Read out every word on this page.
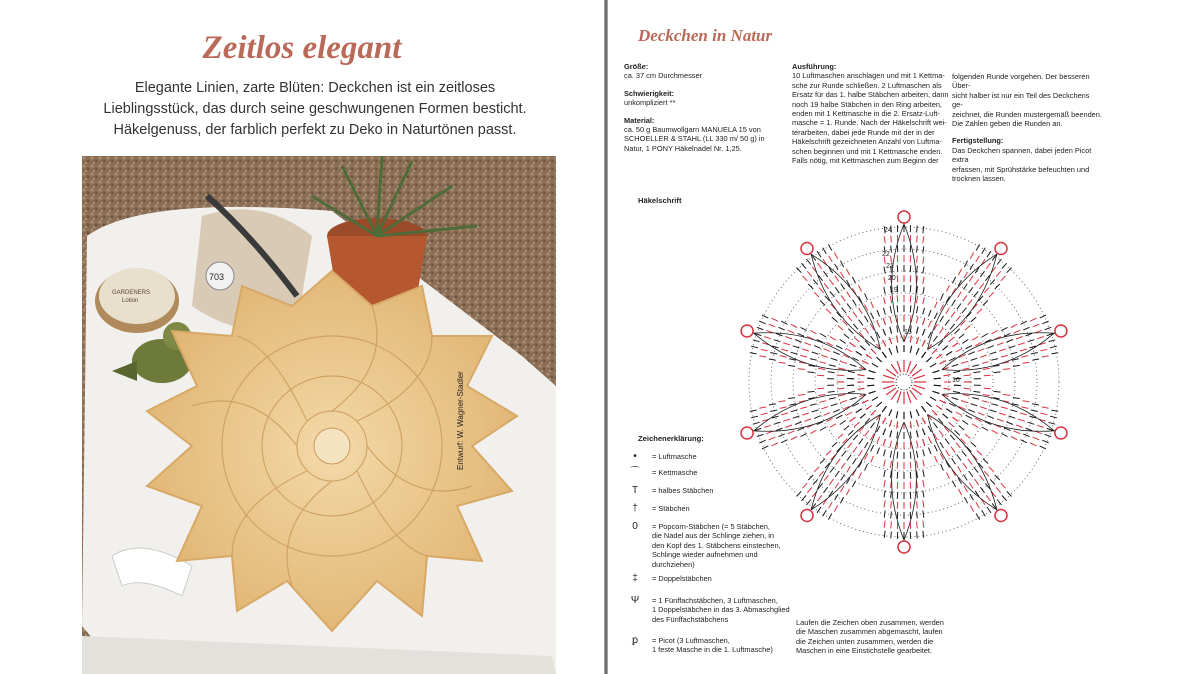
Zeitlos elegant
Elegante Linien, zarte Blüten: Deckchen ist ein zeitloses
Lieblingsstück, das durch seine geschwungenen Formen besticht.
Häkelgenuss, der farblich perfekt zu Deko in Naturtönen passt.
703
GARDENERS
Lotion
Entwurf: W. Wagner-Stadler
Deckchen in Natur
Größe:
ca. 37 cm Durchmesser
Schwierigkeit:
unkompliziert **
Material:
ca. 50 g Baumwollgarn MANUELA 15 von
SCHOELLER & STAHL (LL 330 m/ 50 g) in
Natur, 1 PONY Häkelnadel Nr. 1,25.
Ausführung:
10 Luftmaschen anschlagen und mit 1 Kettma-
sche zur Runde schließen. 2 Luftmaschen als
Ersatz für das 1. halbe Stäbchen arbeiten, dann
noch 19 halbe Stäbchen in den Ring arbeiten,
enden mit 1 Kettmasche in die 2. Ersatz-Luft-
masche = 1. Runde. Nach der Häkelschrift wei-
terarbeiten, dabei jede Runde mit der in der
Häkelschrift gezeichneten Anzahl von Luftma-
schen beginnen und mit 1 Kettmasche enden.
Falls nötig, mit Kettmaschen zum Beginn der
folgenden Runde vorgehen. Der besseren Über-
sicht halber ist nur ein Teil des Deckchens ge-
zeichnet, die Runden mustergemäß beenden.
Die Zahlen geben die Runden an.
Fertigstellung:
Das Deckchen spannen, dabei jeden Picot extra
erfassen, mit Sprühstärke befeuchten und
trocknen lassen.
Häkelschrift
24
22
21
20
19
15
10
Zeichenerklärung:
•	= Luftmasche
⌒ = Kettmasche
T	= halbes Stäbchen
†	= Stäbchen
0	= Popcorn-Stäbchen (= 5 Stäbchen,
die Nadel aus der Schlinge ziehen, in
den Kopf des 1. Stäbchens einstechen,
Schlinge wieder aufnehmen und
durchziehen)
‡	= Doppelstäbchen
Ψ	= 1 Fünffachstäbchen, 3 Luftmaschen,
1 Doppelstäbchen in das 3. Abmaschglied
des Fünffachstäbchens
ꝑ	= Picot (3 Luftmaschen,
1 feste Masche in die 1. Luftmasche)
Laufen die Zeichen oben zusammen, werden
die Maschen zusammen abgemascht, laufen
die Zeichen unten zusammen, werden die
Maschen in eine Einstichstelle gearbeitet.
